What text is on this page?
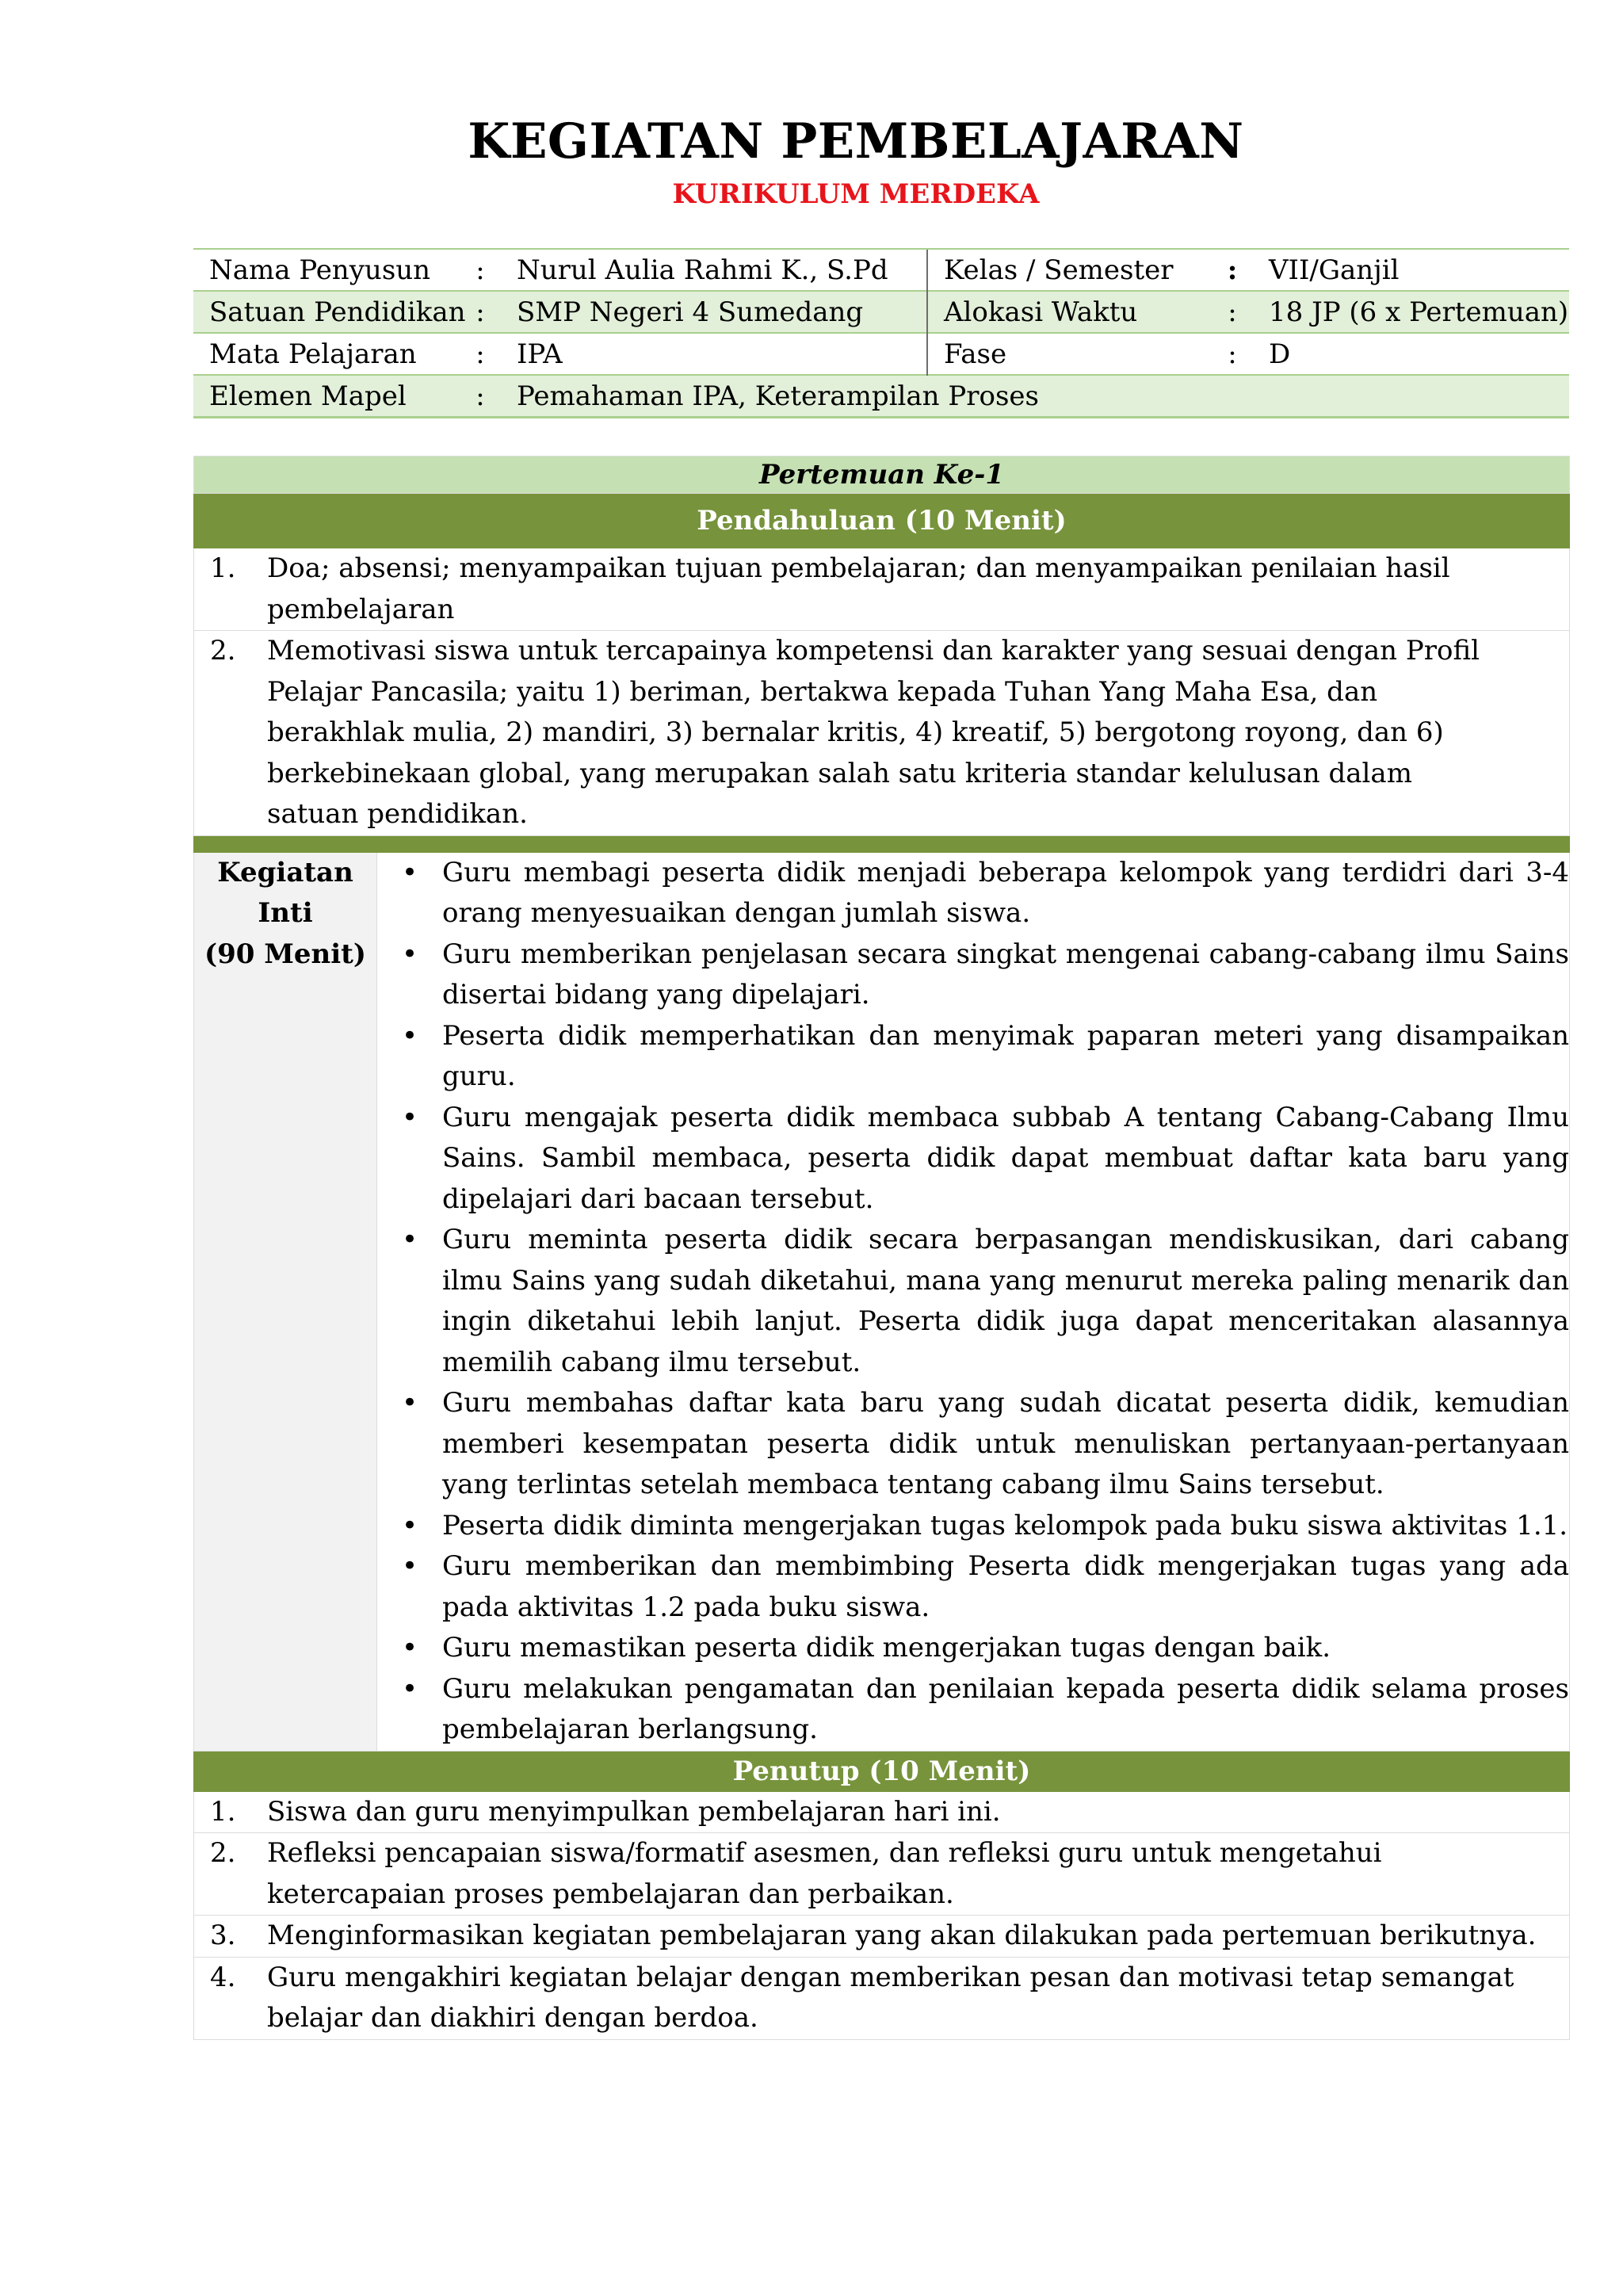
KEGIATAN PEMBELAJARAN
KURIKULUM MERDEKA
Nama Penyusun	:	Nurul Aulia Rahmi K., S.Pd	Kelas / Semester	:	VII/Ganjil
Satuan Pendidikan	:	SMP Negeri 4 Sumedang	Alokasi Waktu	:	18 JP (6 x Pertemuan)
Mata Pelajaran	:	IPA	Fase	:	D
Elemen Mapel	:	Pemahaman IPA, Keterampilan Proses			
Pertemuan Ke-1
Pendahuluan (10 Menit)

1.	Doa; absensi; menyampaikan tujuan pembelajaran; dan menyampaikan penilaian hasil pembelajaran

2.	Memotivasi siswa untuk tercapainya kompetensi dan karakter yang sesuai dengan Profil Pelajar Pancasila; yaitu 1) beriman, bertakwa kepada Tuhan Yang Maha Esa, dan berakhlak mulia, 2) mandiri, 3) bernalar kritis, 4) kreatif, 5) bergotong royong, dan 6) berkebinekaan global, yang merupakan salah satu kriteria standar kelulusan dalam satuan pendidikan.

Kegiatan
Inti
(90 Menit)

• Guru membagi peserta didik menjadi beberapa kelompok yang terdidri dari 3-4 orang menyesuaikan dengan jumlah siswa.
• Guru memberikan penjelasan secara singkat mengenai cabang-cabang ilmu Sains disertai bidang yang dipelajari.
• Peserta didik memperhatikan dan menyimak paparan meteri yang disampaikan guru.
• Guru mengajak peserta didik membaca subbab A tentang Cabang-Cabang Ilmu Sains. Sambil membaca, peserta didik dapat membuat daftar kata baru yang dipelajari dari bacaan tersebut.
• Guru meminta peserta didik secara berpasangan mendiskusikan, dari cabang ilmu Sains yang sudah diketahui, mana yang menurut mereka paling menarik dan ingin diketahui lebih lanjut. Peserta didik juga dapat menceritakan alasannya memilih cabang ilmu tersebut.
• Guru membahas daftar kata baru yang sudah dicatat peserta didik, kemudian memberi kesempatan peserta didik untuk menuliskan pertanyaan-pertanyaan yang terlintas setelah membaca tentang cabang ilmu Sains tersebut.
• Peserta didik diminta mengerjakan tugas kelompok pada buku siswa aktivitas 1.1.
• Guru memberikan dan membimbing Peserta didk mengerjakan tugas yang ada pada aktivitas 1.2 pada buku siswa.
• Guru memastikan peserta didik mengerjakan tugas dengan baik.
• Guru melakukan pengamatan dan penilaian kepada peserta didik selama proses pembelajaran berlangsung.

Penutup (10 Menit)

1.	Siswa dan guru menyimpulkan pembelajaran hari ini.

2.	Refleksi pencapaian siswa/formatif asesmen, dan refleksi guru untuk mengetahui ketercapaian proses pembelajaran dan perbaikan.

3.	Menginformasikan kegiatan pembelajaran yang akan dilakukan pada pertemuan berikutnya.

4.	Guru mengakhiri kegiatan belajar dengan memberikan pesan dan motivasi tetap semangat belajar dan diakhiri dengan berdoa.
